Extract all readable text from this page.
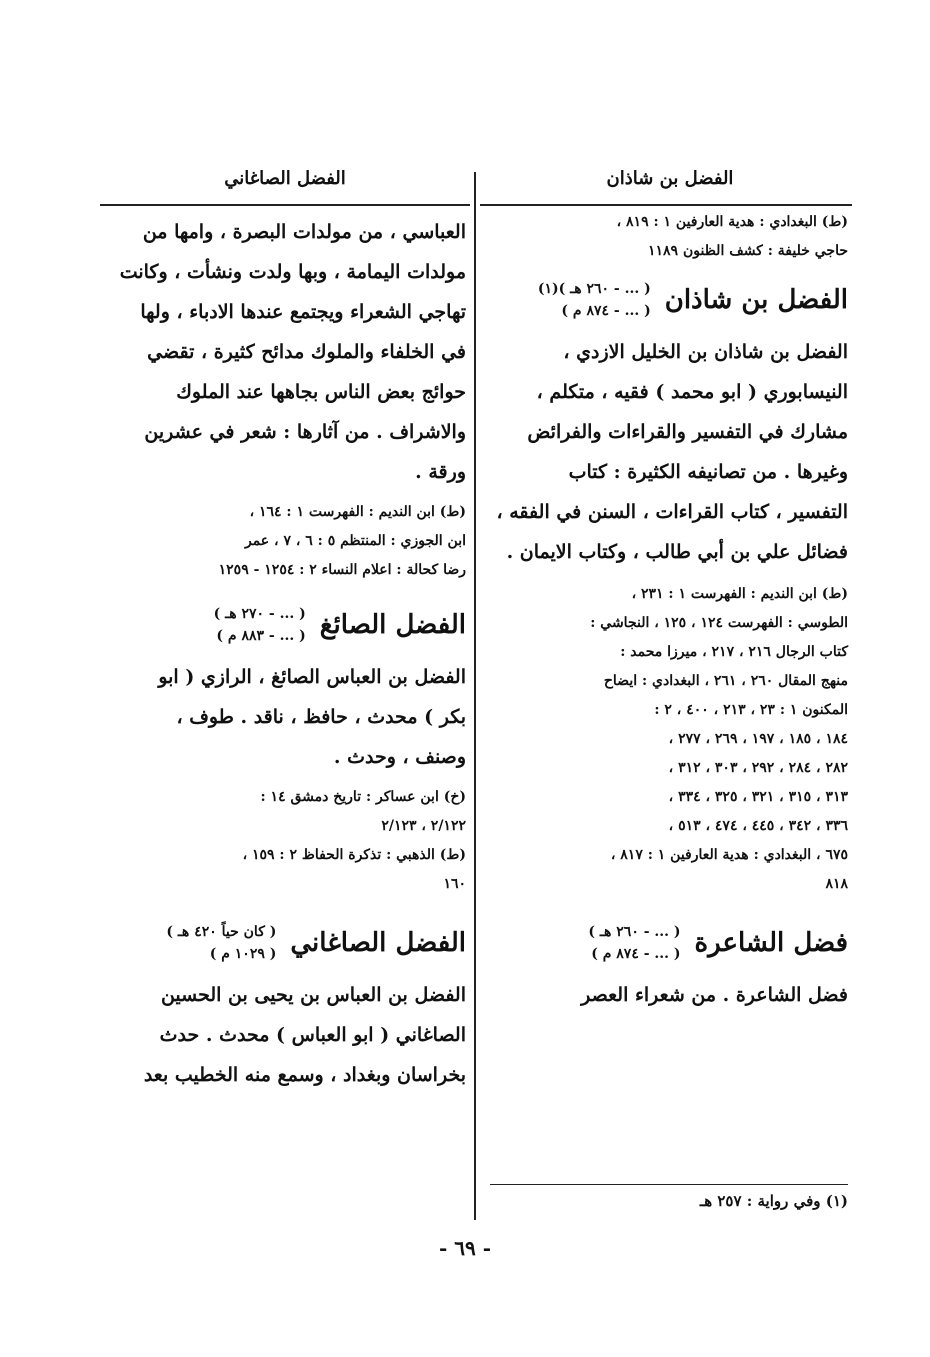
الفضل بن شاذان
الفضل الصاغاني

(ط) البغدادي : هدية العارفين ١ : ٨١٩ ،

حاجي خليفة : كشف الظنون ١١٨٩

الفضل بن شاذان
( ... - ٢٦٠ هـ )(١)
( ... - ٨٧٤ م )

الفضل بن شاذان بن الخليل الازدي ،

النيسابوري ( ابو محمد ) فقيه ، متكلم ،

مشارك في التفسير والقراءات والفرائض

وغيرها . من تصانيفه الكثيرة : كتاب

التفسير ، كتاب القراءات ، السنن في الفقه ،

فضائل علي بن أبي طالب ، وكتاب الايمان .

(ط) ابن النديم : الفهرست ١ : ٢٣١ ،

الطوسي : الفهرست ١٢٤ ، ١٢٥ ، النجاشي :

كتاب الرجال ٢١٦ ، ٢١٧ ، ميرزا محمد :

منهج المقال ٢٦٠ ، ٢٦١ ، البغدادي : ايضاح

المكنون ١ : ٢٣ ، ٢١٣ ، ٤٠٠ ، ٢ :

١٨٤ ، ١٨٥ ، ١٩٧ ، ٢٦٩ ، ٢٧٧ ،

٢٨٢ ، ٢٨٤ ، ٢٩٢ ، ٣٠٣ ، ٣١٢ ،

٣١٣ ، ٣١٥ ، ٣٢١ ، ٣٢٥ ، ٣٣٤ ،

٣٣٦ ، ٣٤٢ ، ٤٤٥ ، ٤٧٤ ، ٥١٣ ،

٦٧٥ ، البغدادي : هدية العارفين ١ : ٨١٧ ،

٨١٨

فضل الشاعرة
( ... - ٢٦٠ هـ )
( ... - ٨٧٤ م )

فضل الشاعرة . من شعراء العصر

(١) وفي رواية : ٢٥٧ هـ

العباسي ، من مولدات البصرة ، وامها من

مولدات اليمامة ، وبها ولدت ونشأت ، وكانت

تهاجي الشعراء ويجتمع عندها الادباء ، ولها

في الخلفاء والملوك مدائح كثيرة ، تقضي

حوائج بعض الناس بجاهها عند الملوك

والاشراف . من آثارها : شعر في عشرين

ورقة .

(ط) ابن النديم : الفهرست ١ : ١٦٤ ،

ابن الجوزي : المنتظم ٥ : ٦ ، ٧ ، عمر

رضا كحالة : اعلام النساء ٢ : ١٢٥٤ - ١٢٥٩

الفضل الصائغ
( ... - ٢٧٠ هـ )
( ... - ٨٨٣ م )

الفضل بن العباس الصائغ ، الرازي ( ابو

بكر ) محدث ، حافظ ، ناقد . طوف ،

وصنف ، وحدث .

(خ) ابن عساكر : تاريخ دمشق ١٤ :

٢/١٢٢ ، ٢/١٢٣

(ط) الذهبي : تذكرة الحفاظ ٢ : ١٥٩ ،

١٦٠

الفضل الصاغاني
( كان حياً ٤٢٠ هـ )
( ١٠٢٩ م )

الفضل بن العباس بن يحيى بن الحسين

الصاغاني ( ابو العباس ) محدث . حدث

بخراسان وبغداد ، وسمع منه الخطيب بعد

- ٦٩ -
